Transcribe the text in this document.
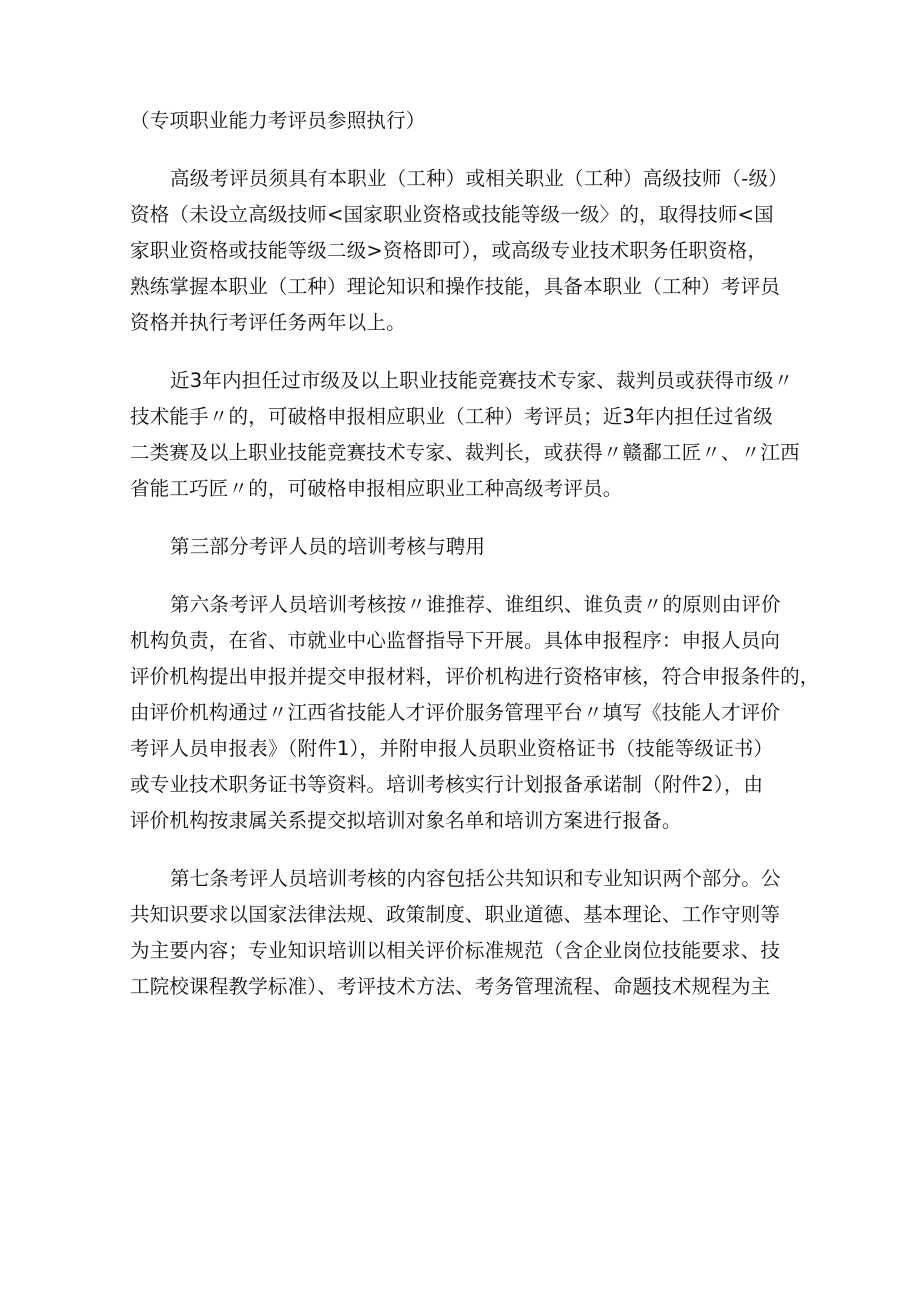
（专项职业能力考评员参照执行）
高级考评员须具有本职业（工种）或相关职业（工种）高级技师（-级）
资格（未设立高级技师<国家职业资格或技能等级一级〉的，取得技师<国
家职业资格或技能等级二级>资格即可），或高级专业技术职务任职资格，
熟练掌握本职业（工种）理论知识和操作技能，具备本职业（工种）考评员
资格并执行考评任务两年以上。
近3年内担任过市级及以上职业技能竞赛技术专家、裁判员或获得市级〃
技术能手〃的，可破格申报相应职业（工种）考评员；近3年内担任过省级
二类赛及以上职业技能竞赛技术专家、裁判长，或获得〃赣鄱工匠〃、〃江西
省能工巧匠〃的，可破格申报相应职业工种高级考评员。
第三部分考评人员的培训考核与聘用
第六条考评人员培训考核按〃谁推荐、谁组织、谁负责〃的原则由评价
机构负责，在省、市就业中心监督指导下开展。具体申报程序：申报人员向
评价机构提出申报并提交申报材料，评价机构进行资格审核，符合申报条件的，
由评价机构通过〃江西省技能人才评价服务管理平台〃填写《技能人才评价
考评人员申报表》（附件1），并附申报人员职业资格证书（技能等级证书）
或专业技术职务证书等资料。培训考核实行计划报备承诺制（附件2），由
评价机构按隶属关系提交拟培训对象名单和培训方案进行报备。
第七条考评人员培训考核的内容包括公共知识和专业知识两个部分。公
共知识要求以国家法律法规、政策制度、职业道德、基本理论、工作守则等
为主要内容；专业知识培训以相关评价标准规范（含企业岗位技能要求、技
工院校课程教学标准）、考评技术方法、考务管理流程、命题技术规程为主
